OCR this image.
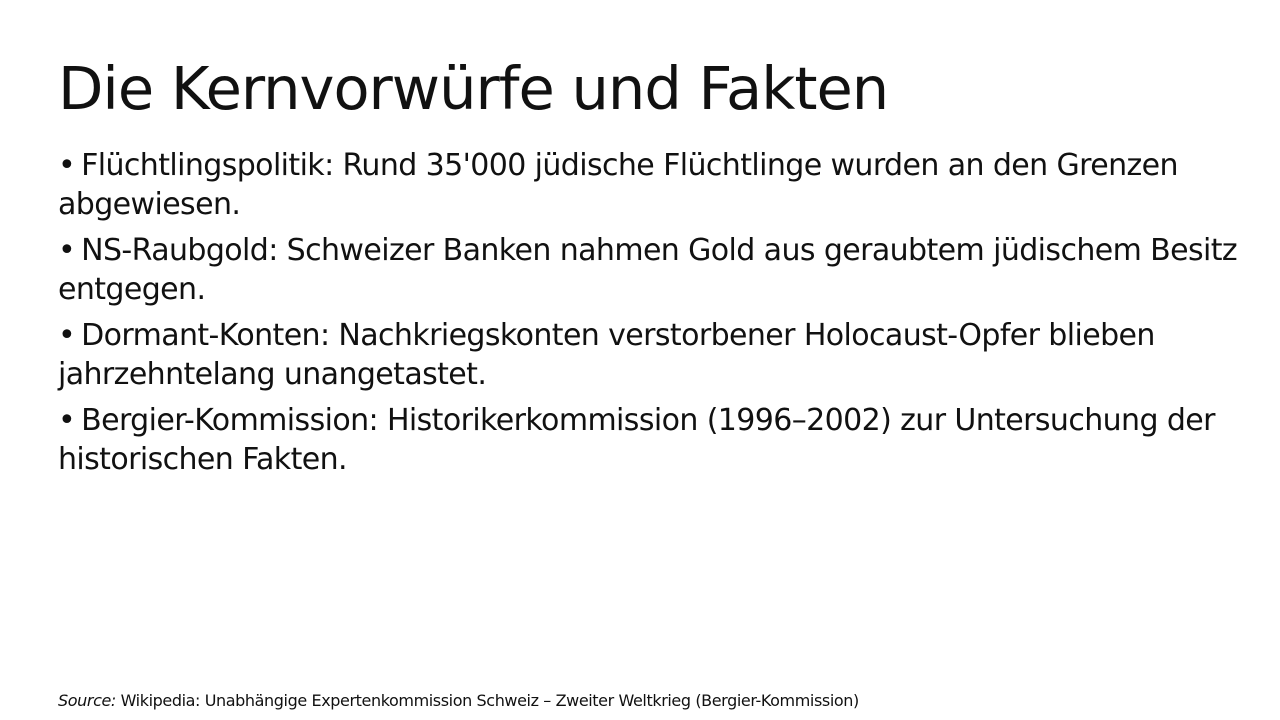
Die Kernvorwürfe und Fakten
• Flüchtlingspolitik: Rund 35'000 jüdische Flüchtlinge wurden an den Grenzen abgewiesen.
• NS-Raubgold: Schweizer Banken nahmen Gold aus geraubtem jüdischem Besitz entgegen.
• Dormant-Konten: Nachkriegskonten verstorbener Holocaust-Opfer blieben jahrzehntelang unangetastet.
• Bergier-Kommission: Historikerkommission (1996–2002) zur Untersuchung der historischen Fakten.

Source: Wikipedia: Unabhängige Expertenkommission Schweiz – Zweiter Weltkrieg (Bergier-Kommission)
